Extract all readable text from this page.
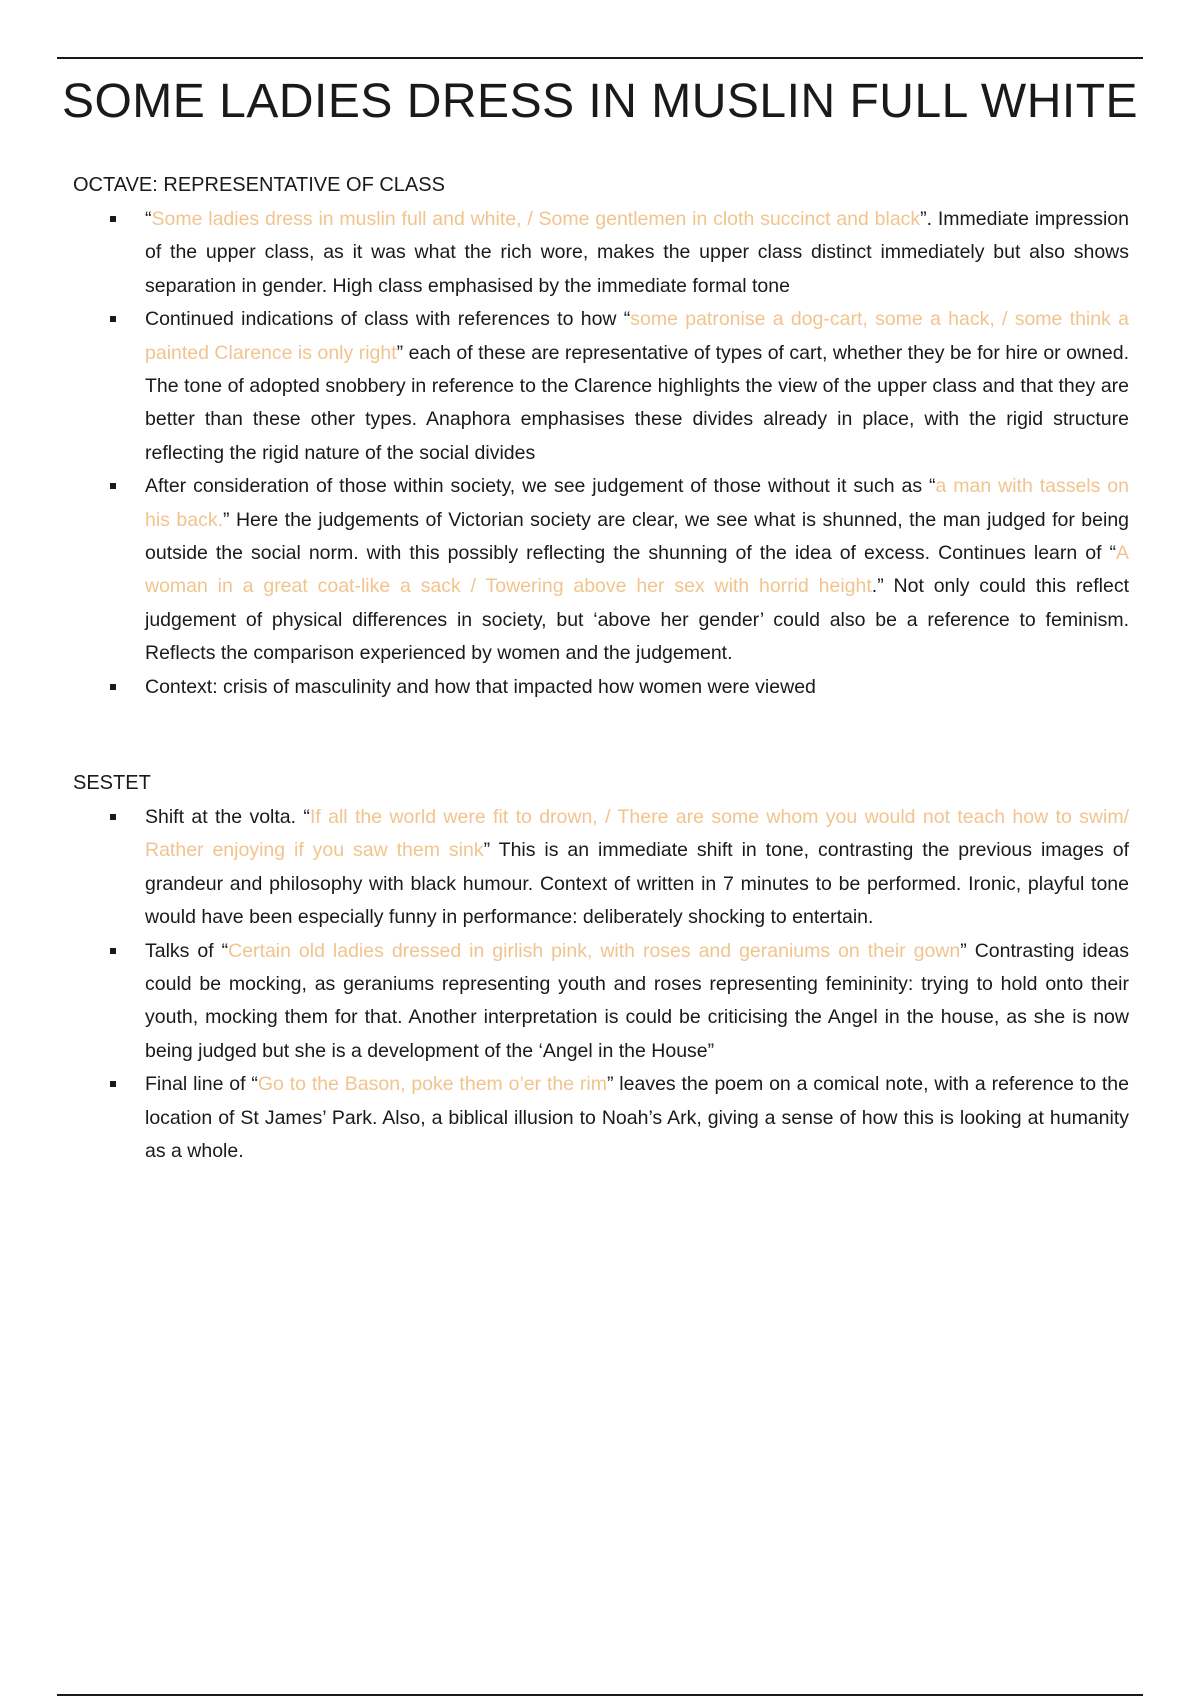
SOME LADIES DRESS IN MUSLIN FULL WHITE
OCTAVE: REPRESENTATIVE OF CLASS
“Some ladies dress in muslin full and white, / Some gentlemen in cloth succinct and black”. Immediate impression of the upper class, as it was what the rich wore, makes the upper class distinct immediately but also shows separation in gender. High class emphasised by the immediate formal tone
Continued indications of class with references to how “some patronise a dog-cart, some a hack, / some think a painted Clarence is only right” each of these are representative of types of cart, whether they be for hire or owned. The tone of adopted snobbery in reference to the Clarence highlights the view of the upper class and that they are better than these other types. Anaphora emphasises these divides already in place, with the rigid structure reflecting the rigid nature of the social divides
After consideration of those within society, we see judgement of those without it such as “a man with tassels on his back.” Here the judgements of Victorian society are clear, we see what is shunned, the man judged for being outside the social norm. with this possibly reflecting the shunning of the idea of excess. Continues learn of “A woman in a great coat-like a sack / Towering above her sex with horrid height.” Not only could this reflect judgement of physical differences in society, but ‘above her gender’ could also be a reference to feminism. Reflects the comparison experienced by women and the judgement.
Context: crisis of masculinity and how that impacted how women were viewed
SESTET
Shift at the volta. “If all the world were fit to drown, / There are some whom you would not teach how to swim/ Rather enjoying if you saw them sink” This is an immediate shift in tone, contrasting the previous images of grandeur and philosophy with black humour. Context of written in 7 minutes to be performed. Ironic, playful tone would have been especially funny in performance: deliberately shocking to entertain.
Talks of “Certain old ladies dressed in girlish pink, with roses and geraniums on their gown” Contrasting ideas could be mocking, as geraniums representing youth and roses representing femininity: trying to hold onto their youth, mocking them for that. Another interpretation is could be criticising the Angel in the house, as she is now being judged but she is a development of the ‘Angel in the House”
Final line of “Go to the Bason, poke them o’er the rim” leaves the poem on a comical note, with a reference to the location of St James’ Park. Also, a biblical illusion to Noah’s Ark, giving a sense of how this is looking at humanity as a whole.
